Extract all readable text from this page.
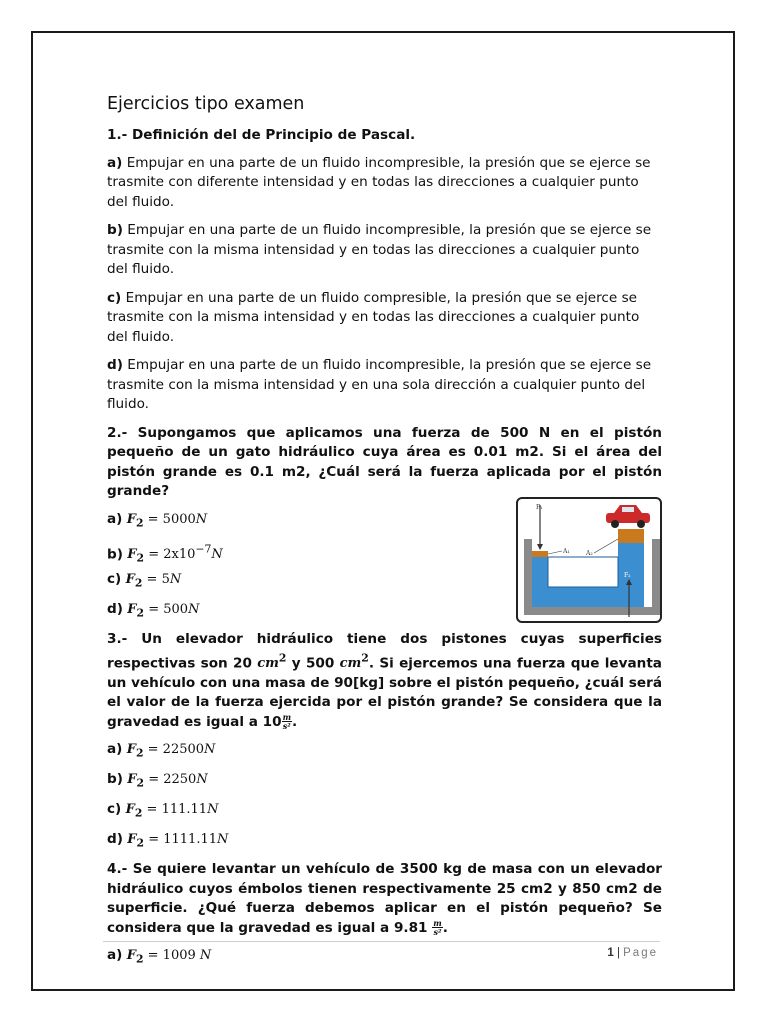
Ejercicios tipo examen

1.- Definición del de Principio de Pascal.

a) Empujar en una parte de un fluido incompresible, la presión que se ejerce se trasmite con diferente intensidad y en todas las direcciones a cualquier punto del fluido.

b) Empujar en una parte de un fluido incompresible, la presión que se ejerce se trasmite con la misma intensidad y en todas las direcciones a cualquier punto del fluido.

c) Empujar en una parte de un fluido compresible, la presión que se ejerce se trasmite con la misma intensidad y en todas las direcciones a cualquier punto del fluido.

d) Empujar en una parte de un fluido incompresible, la presión que se ejerce se trasmite con la misma intensidad y en una sola dirección a cualquier punto del fluido.

2.- Supongamos que aplicamos una fuerza de 500 N en el pistón pequeño de un gato hidráulico cuya área es 0.01 m2. Si el área del pistón grande es 0.1 m2, ¿Cuál será la fuerza aplicada por el pistón grande?

a) $F_2 = 5000N$
b) $F_2 = 2x10^{-7}N$
c) $F_2 = 5N$
d) $F_2 = 500N$
F₁
A₁	A₂
F₂

3.- Un elevador hidráulico tiene dos pistones cuyas superficies respectivas son 20 $cm^2$ y 500 $cm^2$. Si ejercemos una fuerza que levanta un vehículo con una masa de 90[kg] sobre el pistón pequeño, ¿cuál será el valor de la fuerza ejercida por el pistón grande? Se considera que la gravedad es igual a $10 \frac{m}{\text{s²}}$ .

a) $F_2 = 22500N$
b) $F_2 = 2250N$
c) $F_2 = 111.11N$
d) $F_2 = 1111.11N$

4.- Se quiere levantar un vehículo de 3500 kg de masa con un elevador hidráulico cuyos émbolos tienen respectivamente 25 cm2 y 850 cm2 de superficie. ¿Qué fuerza debemos aplicar en el pistón pequeño? Se considera que la gravedad es igual a $9.81 \frac{m}{\text{s²}}$ .

a) $F_2 = 1009$ N	1 | Page
